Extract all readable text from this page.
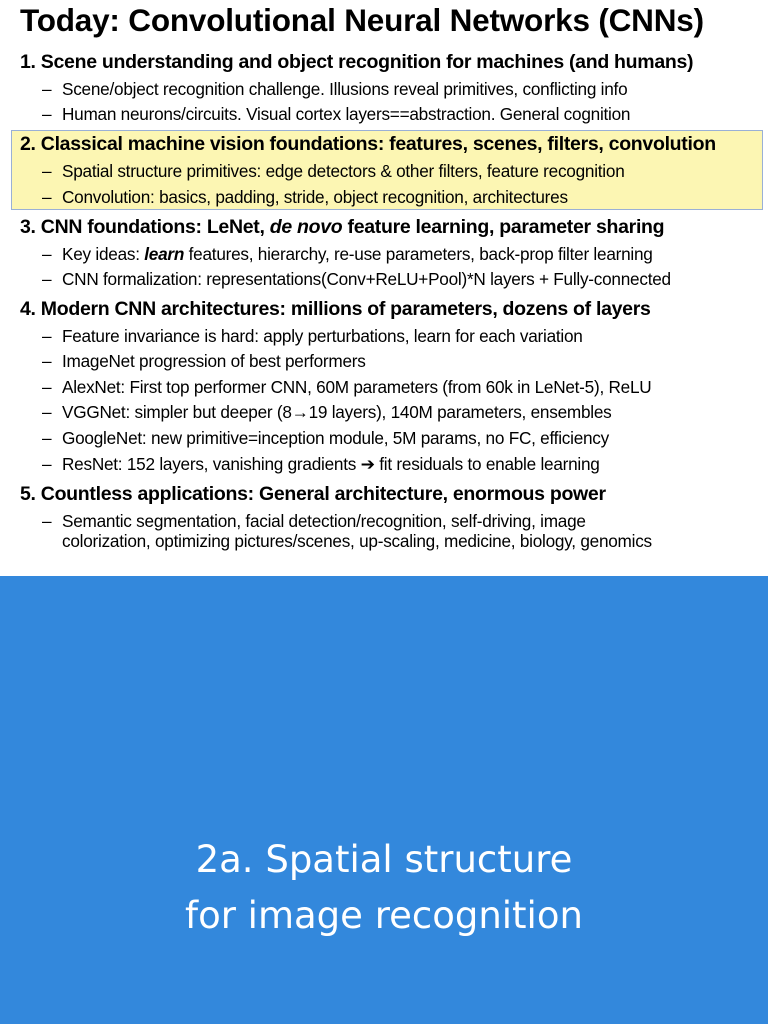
Today: Convolutional Neural Networks (CNNs)
1. Scene understanding and object recognition for machines (and humans)
– Scene/object recognition challenge. Illusions reveal primitives, conflicting info
– Human neurons/circuits. Visual cortex layers==abstraction. General cognition
2. Classical machine vision foundations: features, scenes, filters, convolution
– Spatial structure primitives: edge detectors & other filters, feature recognition
– Convolution: basics, padding, stride, object recognition, architectures
3. CNN foundations: LeNet, de novo feature learning, parameter sharing
– Key ideas: learn features, hierarchy, re-use parameters, back-prop filter learning
– CNN formalization: representations(Conv+ReLU+Pool)*N layers + Fully-connected
4. Modern CNN architectures: millions of parameters, dozens of layers
– Feature invariance is hard: apply perturbations, learn for each variation
– ImageNet progression of best performers
– AlexNet: First top performer CNN, 60M parameters (from 60k in LeNet-5), ReLU
– VGGNet: simpler but deeper (8→19 layers), 140M parameters, ensembles
– GoogleNet: new primitive=inception module, 5M params, no FC, efficiency
– ResNet: 152 layers, vanishing gradients ➔ fit residuals to enable learning
5. Countless applications: General architecture, enormous power
– Semantic segmentation, facial detection/recognition, self-driving, image
colorization, optimizing pictures/scenes, up-scaling, medicine, biology, genomics
2a. Spatial structure
for image recognition
